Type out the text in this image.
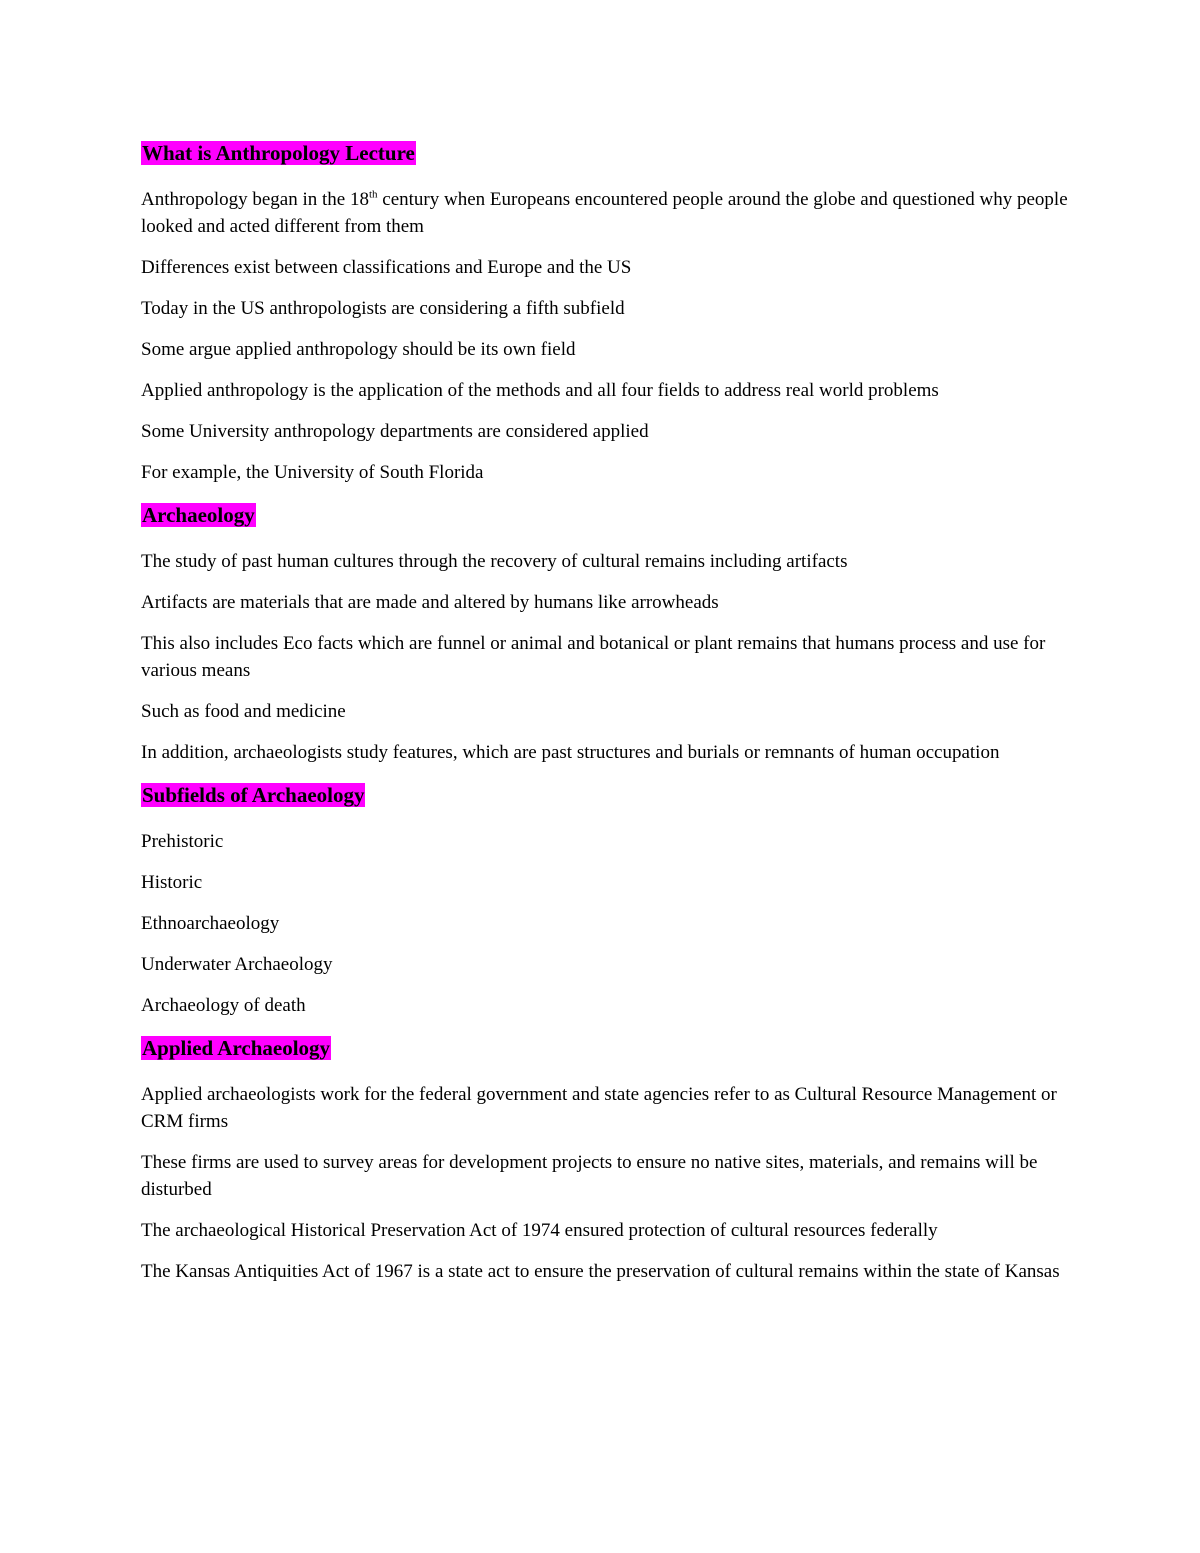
What is Anthropology Lecture

Anthropology began in the 18th century when Europeans encountered people around the globe and questioned why people looked and acted different from them

Differences exist between classifications and Europe and the US

Today in the US anthropologists are considering a fifth subfield

Some argue applied anthropology should be its own field

Applied anthropology is the application of the methods and all four fields to address real world problems

Some University anthropology departments are considered applied

For example, the University of South Florida

Archaeology

The study of past human cultures through the recovery of cultural remains including artifacts

Artifacts are materials that are made and altered by humans like arrowheads

This also includes Eco facts which are funnel or animal and botanical or plant remains that humans process and use for various means

Such as food and medicine

In addition, archaeologists study features, which are past structures and burials or remnants of human occupation

Subfields of Archaeology

Prehistoric

Historic

Ethnoarchaeology

Underwater Archaeology

Archaeology of death

Applied Archaeology

Applied archaeologists work for the federal government and state agencies refer to as Cultural Resource Management or CRM firms

These firms are used to survey areas for development projects to ensure no native sites, materials, and remains will be disturbed

The archaeological Historical Preservation Act of 1974 ensured protection of cultural resources federally

The Kansas Antiquities Act of 1967 is a state act to ensure the preservation of cultural remains within the state of Kansas
